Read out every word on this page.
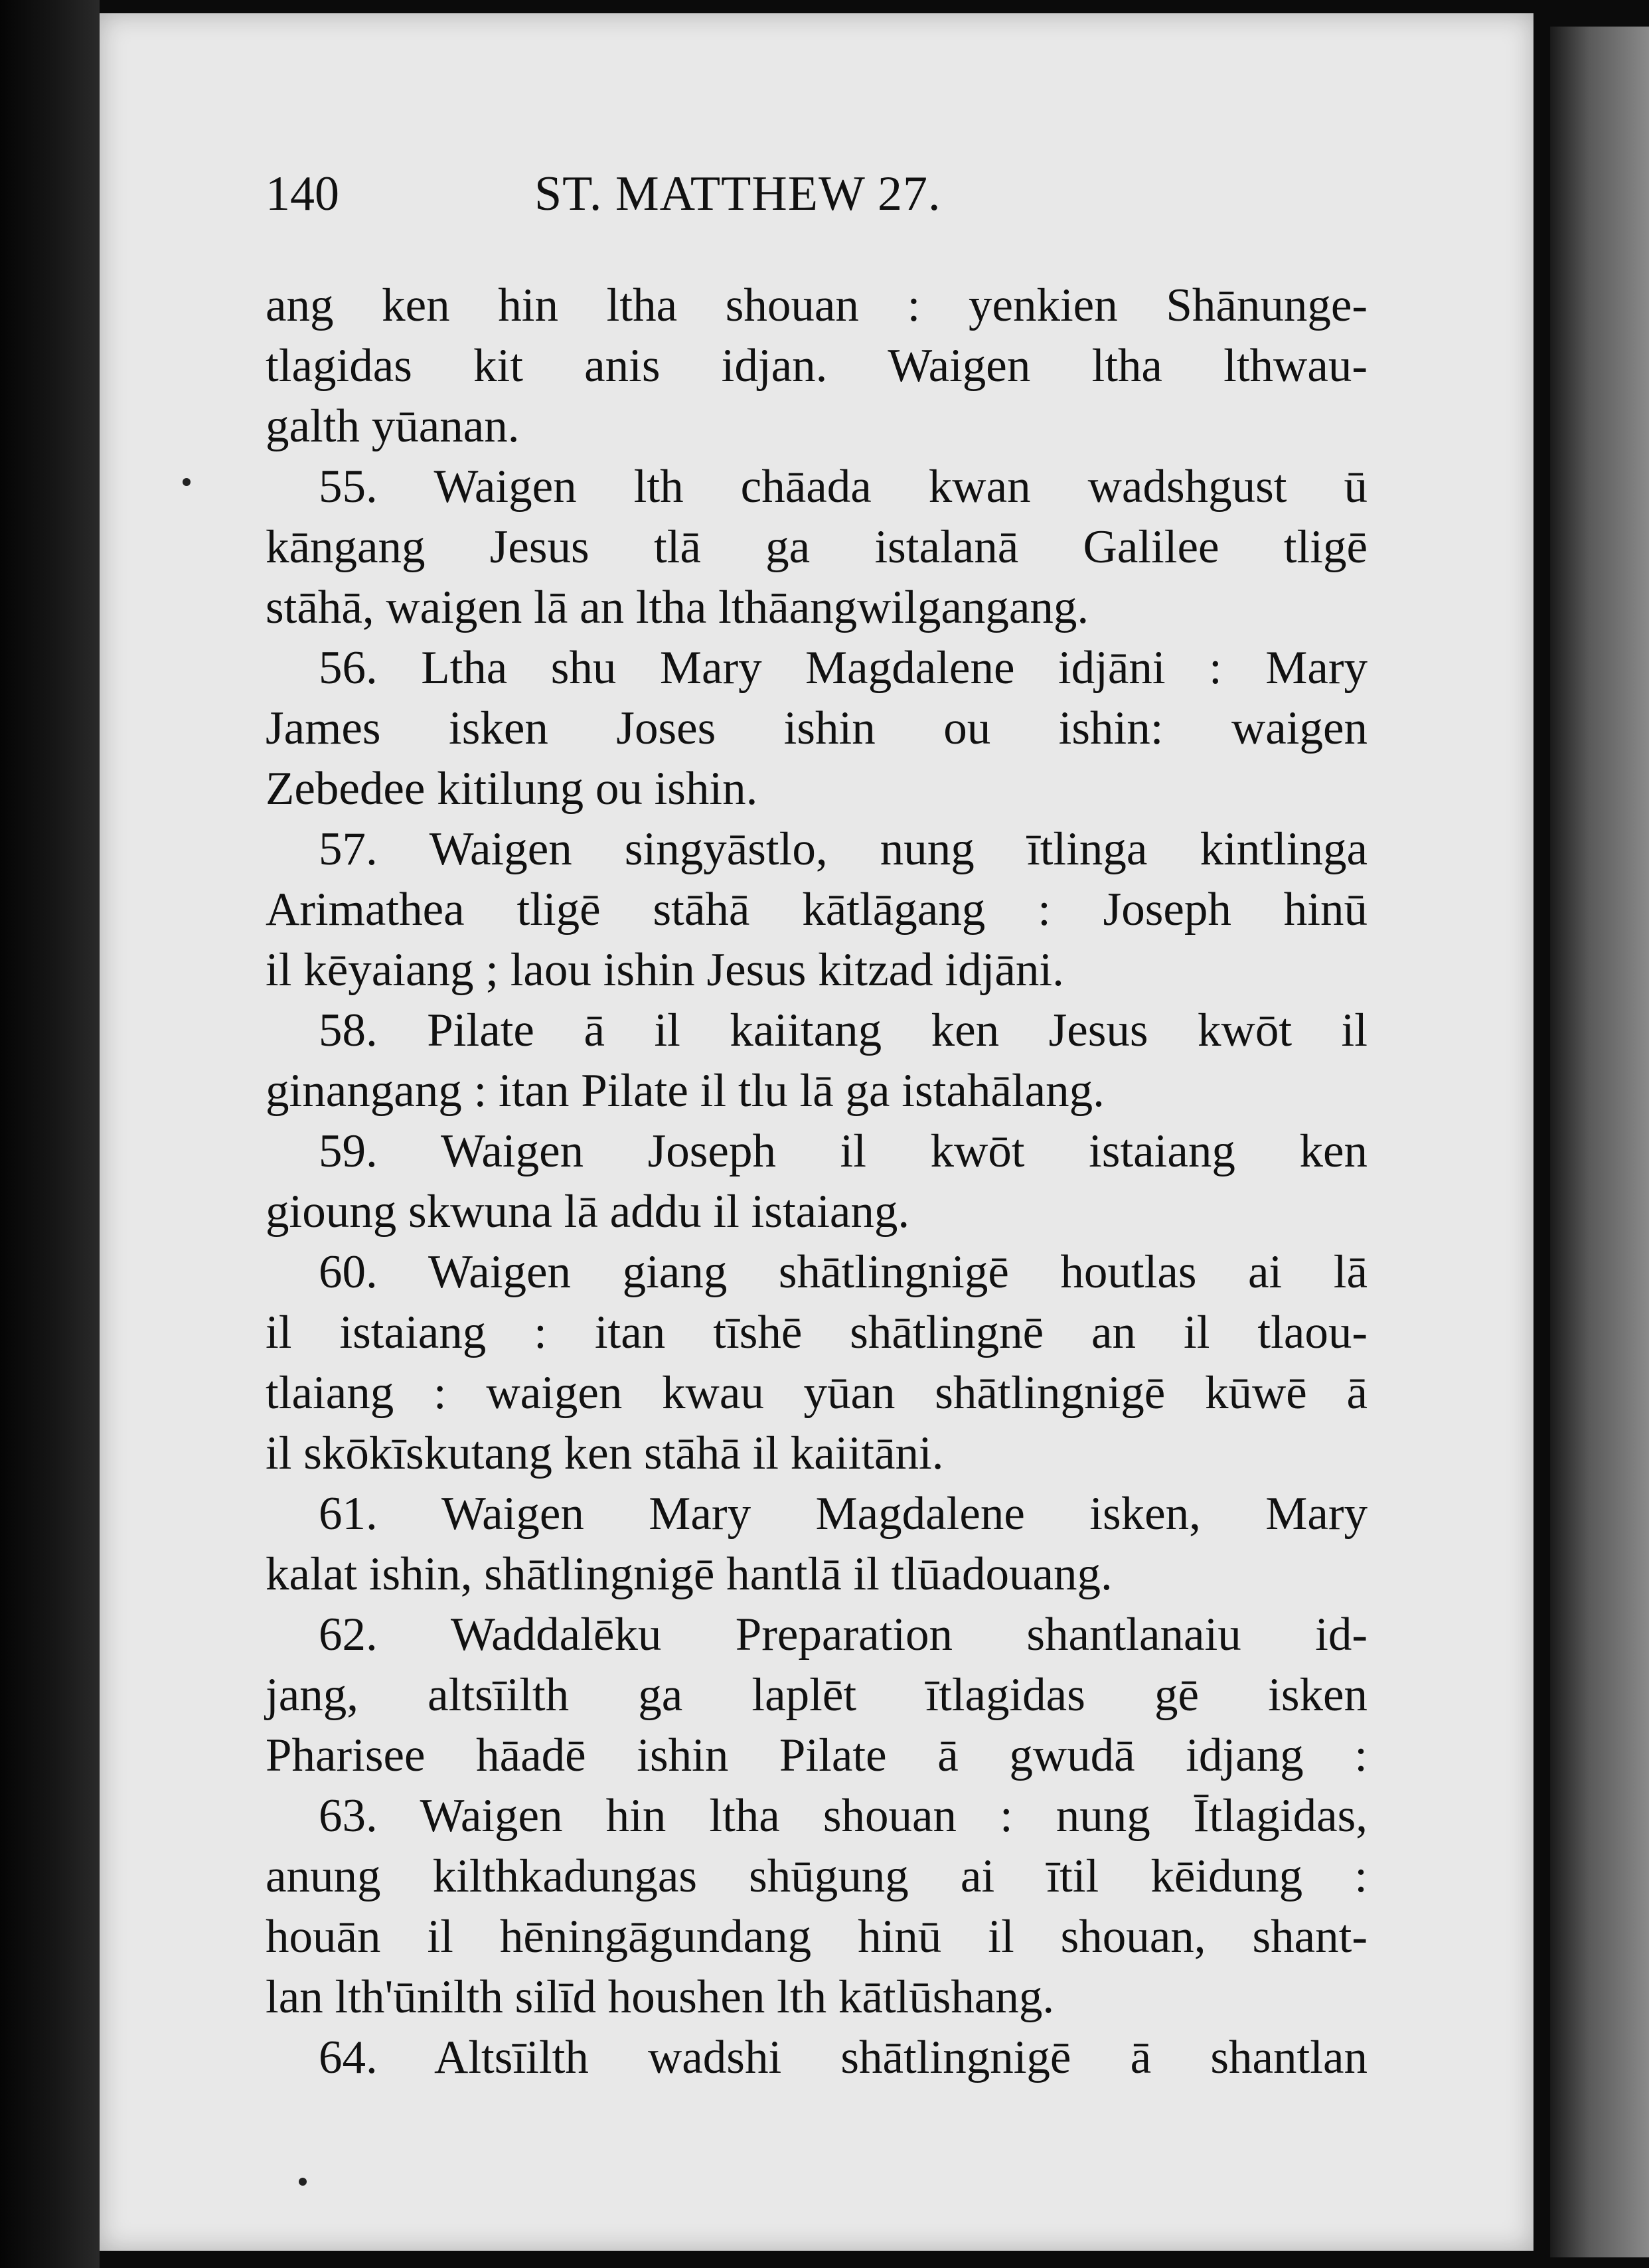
140	ST. MATTHEW 27.
ang ken hin ltha shouan : yenkien Shānunge-
tlagidas kit anis idjan. Waigen ltha lthwau-
galth yūanan.
55. Waigen lth chāada kwan wadshgust ū
kāngang Jesus tlā ga istalanā Galilee tligē
stāhā, waigen lā an ltha lthāangwilgangang.
56. Ltha shu Mary Magdalene idjāni : Mary
James isken Joses ishin ou ishin: waigen
Zebedee kitilung ou ishin.
57. Waigen singyāstlo, nung ītlinga kintlinga
Arimathea tligē stāhā kātlāgang : Joseph hinū
il kēyaiang ; laou ishin Jesus kitzad idjāni.
58. Pilate ā il kaiitang ken Jesus kwōt il
ginangang : itan Pilate il tlu lā ga istahālang.
59. Waigen Joseph il kwōt istaiang ken
gioung skwuna lā addu il istaiang.
60. Waigen giang shātlingnigē houtlas ai lā
il istaiang : itan tīshē shātlingnē an il tlaou-
tlaiang : waigen kwau yūan shātlingnigē kūwē ā
il skōkīskutang ken stāhā il kaiitāni.
61. Waigen Mary Magdalene isken, Mary
kalat ishin, shātlingnigē hantlā il tlūadouang.
62. Waddalēku Preparation shantlanaiu id-
jang, altsīilth ga laplēt ītlagidas gē isken
Pharisee hāadē ishin Pilate ā gwudā idjang :
63. Waigen hin ltha shouan : nung Ītlagidas,
anung kilthkadungas shūgung ai ītil kēidung :
houān il hēningāgundang hinū il shouan, shant-
lan lth'ūnilth silīd houshen lth kātlūshang.
64. Altsīilth wadshi shātlingnigē ā shantlan
